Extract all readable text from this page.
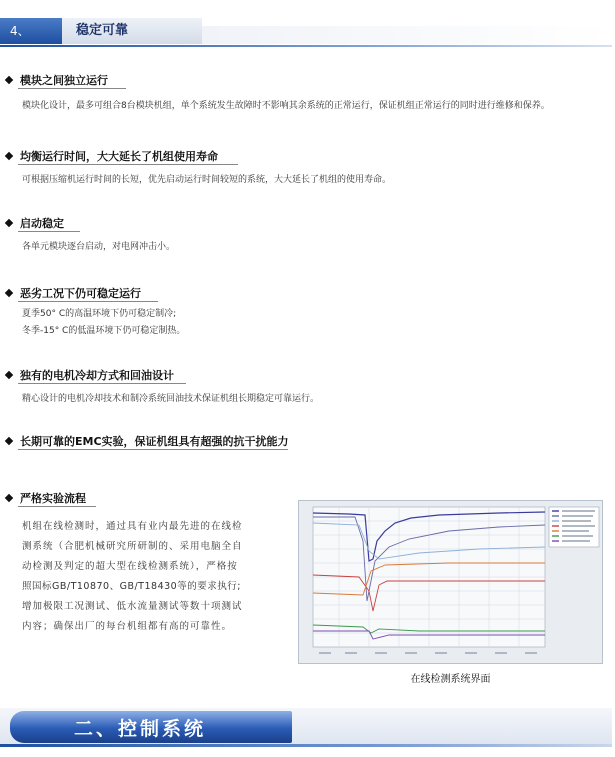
4、	稳定可靠
模块之间独立运行
模块化设计，最多可组合8台模块机组，单个系统发生故障时不影响其余系统的正常运行，保证机组正常运行的同时进行维修和保养。
均衡运行时间，大大延长了机组使用寿命
可根据压缩机运行时间的长短，优先启动运行时间较短的系统，大大延长了机组的使用寿命。
启动稳定
各单元模块逐台启动，对电网冲击小。
恶劣工况下仍可稳定运行
夏季50° C的高温环境下仍可稳定制冷;
冬季-15° C的低温环境下仍可稳定制热。
独有的电机冷却方式和回油设计
精心设计的电机冷却技术和制冷系统回油技术保证机组长期稳定可靠运行。
长期可靠的EMC实验，保证机组具有超强的抗干扰能力
严格实验流程
机组在线检测时，通过具有业内最先进的在线检
测系统（合肥机械研究所研制的、采用电脑全自
动检测及判定的超大型在线检测系统），严格按
照国标GB/T10870、GB/T18430等的要求执行;
增加极限工况测试、低水流量测试等数十项测试
内容；确保出厂的每台机组都有高的可靠性。
在线检测系统界面
二、控制系统
